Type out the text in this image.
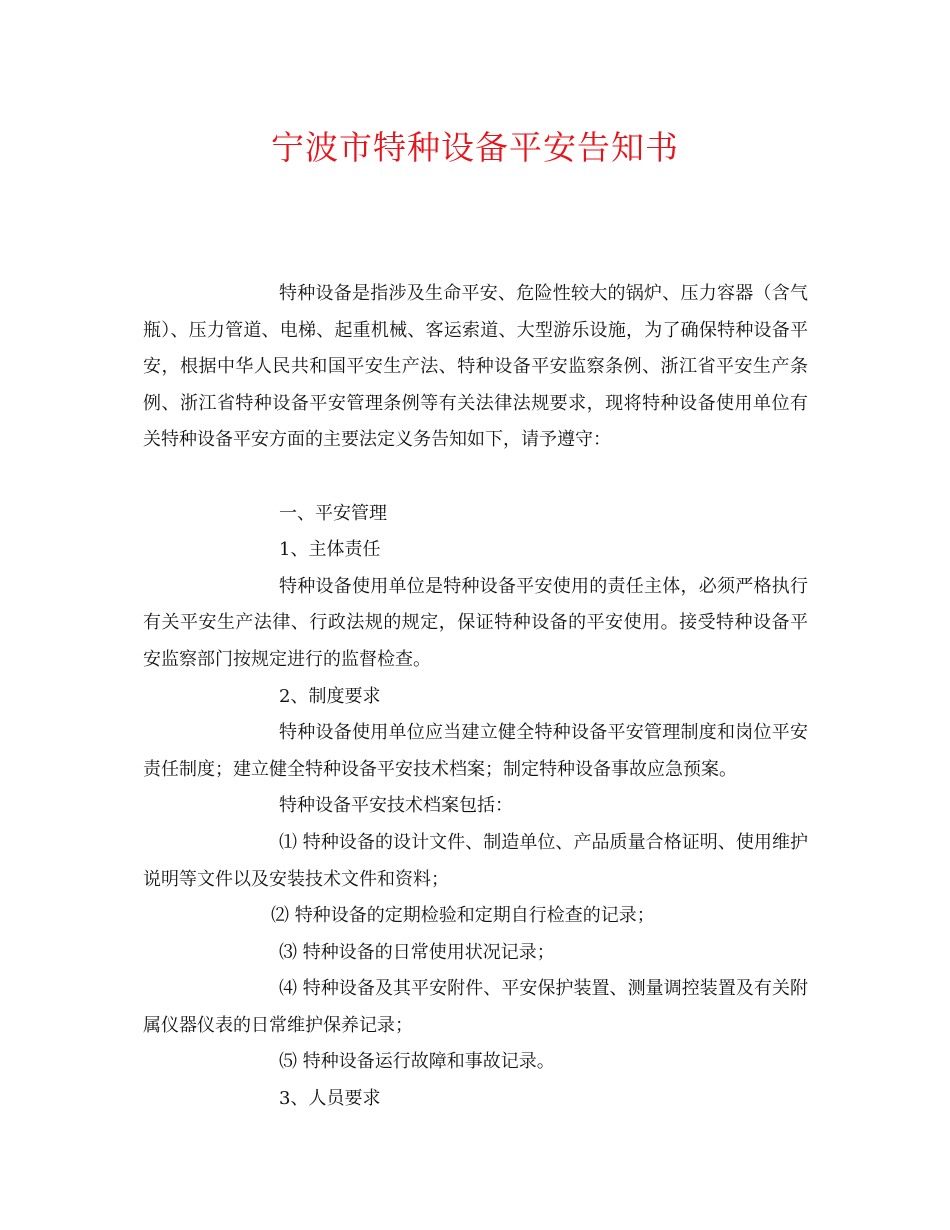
宁波市特种设备平安告知书

特种设备是指涉及生命平安、危险性较大的锅炉、压力容器（含气瓶）、压力管道、电梯、起重机械、客运索道、大型游乐设施，为了确保特种设备平安，根据中华人民共和国平安生产法、特种设备平安监察条例、浙江省平安生产条例、浙江省特种设备平安管理条例等有关法律法规要求，现将特种设备使用单位有关特种设备平安方面的主要法定义务告知如下，请予遵守：

一、平安管理

1、主体责任

特种设备使用单位是特种设备平安使用的责任主体，必须严格执行有关平安生产法律、行政法规的规定，保证特种设备的平安使用。接受特种设备平安监察部门按规定进行的监督检查。

2、制度要求

特种设备使用单位应当建立健全特种设备平安管理制度和岗位平安责任制度；建立健全特种设备平安技术档案；制定特种设备事故应急预案。

特种设备平安技术档案包括：

⑴ 特种设备的设计文件、制造单位、产品质量合格证明、使用维护说明等文件以及安装技术文件和资料；

⑵ 特种设备的定期检验和定期自行检查的记录；

⑶ 特种设备的日常使用状况记录；

⑷ 特种设备及其平安附件、平安保护装置、测量调控装置及有关附属仪器仪表的日常维护保养记录；

⑸ 特种设备运行故障和事故记录。

3、人员要求
